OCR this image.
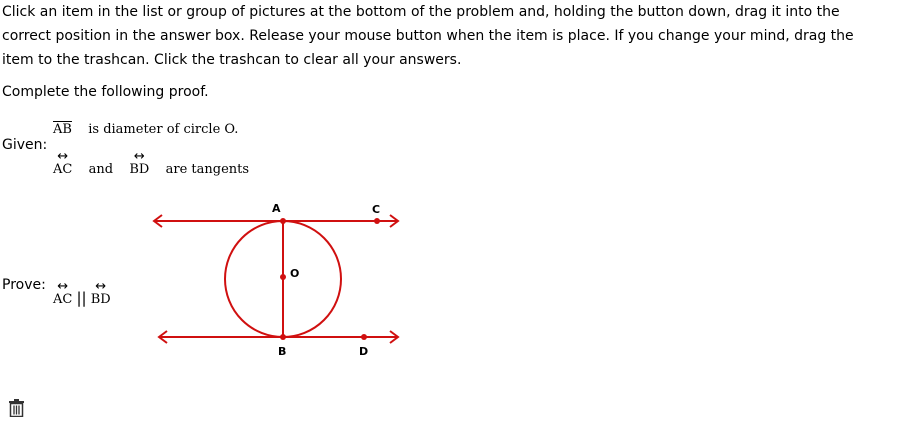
Click an item in the list or group of pictures at the bottom of the problem and, holding the button down, drag it into the correct position in the answer box. Release your mouse button when the item is place. If you change your mind, drag the item to the trashcan. Click the trashcan to clear all your answers.

Complete the following proof.

Given:
$\overline{AB}$ is diameter of circle O.
↔
AC and
↔
BD are tangents
Prove: ↔
AC ||
↔
BD
A	C
O
B	D
